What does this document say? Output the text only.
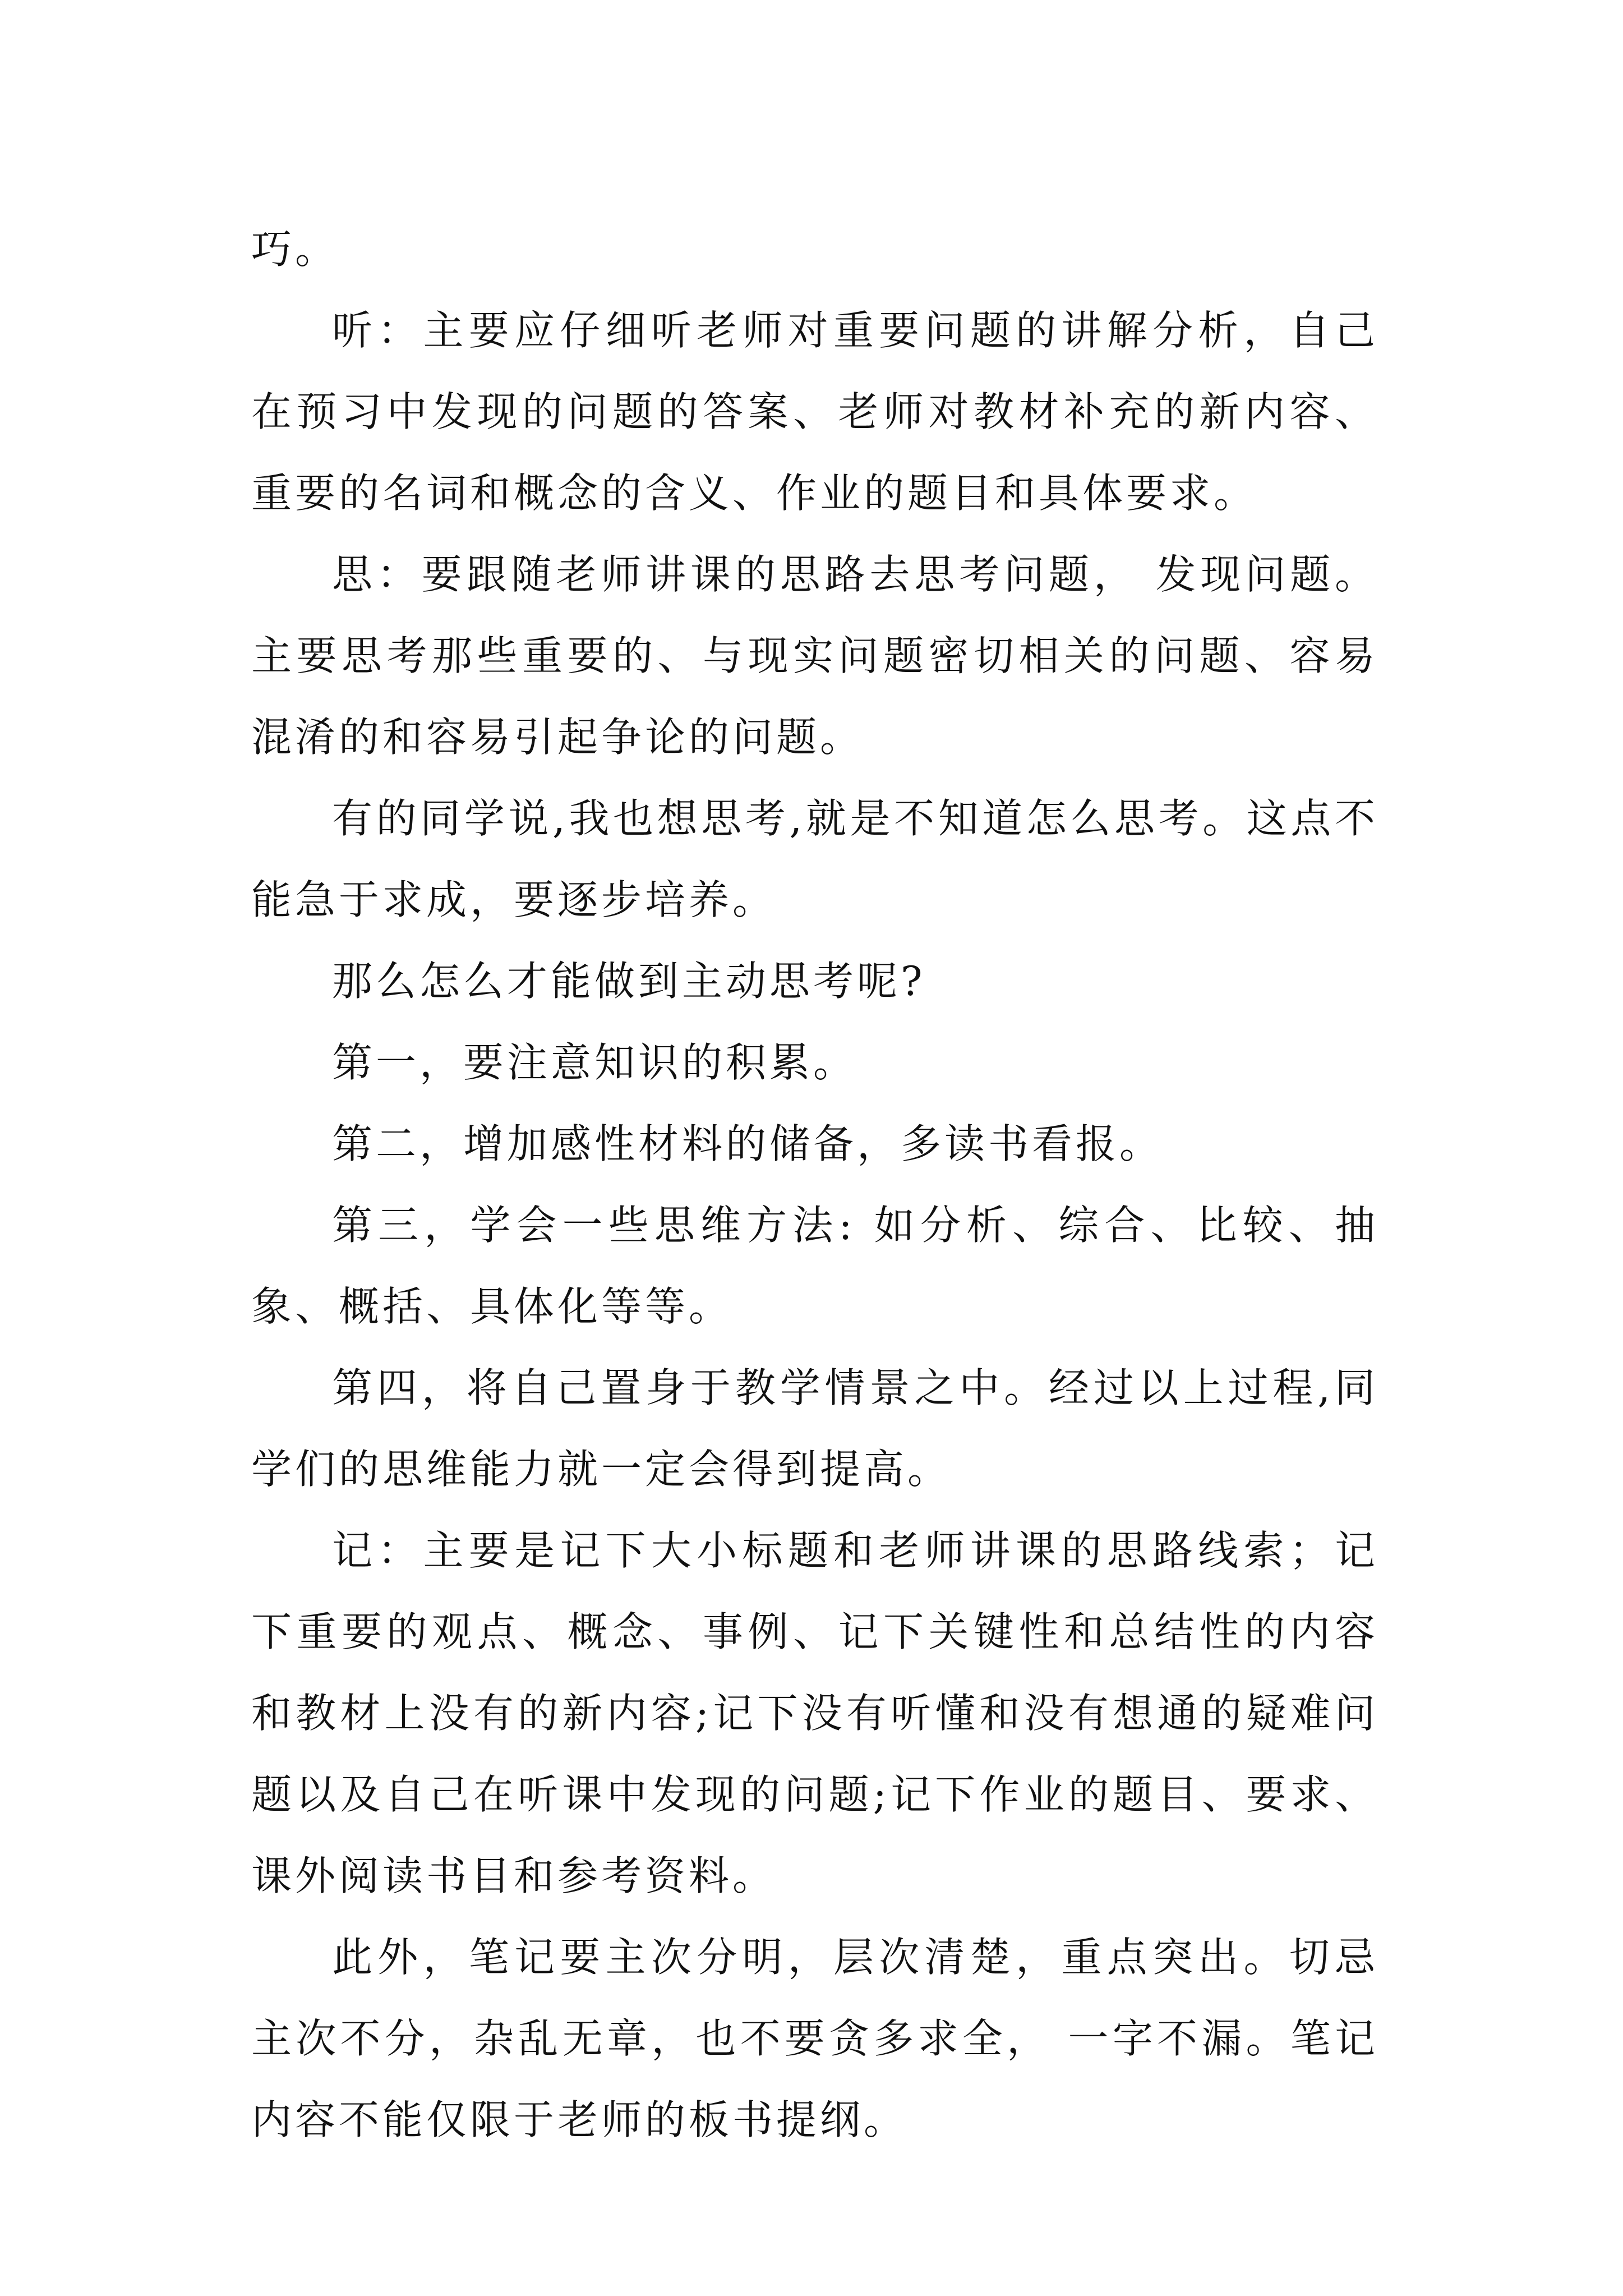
巧。

听：主要应仔细听老师对重要问题的讲解分析，自己在预习中发现的问题的答案、老师对教材补充的新内容、重要的名词和概念的含义、作业的题目和具体要求。

思：要跟随老师讲课的思路去思考问题， 发现问题。主要思考那些重要的、与现实问题密切相关的问题、容易混淆的和容易引起争论的问题。

有的同学说,我也想思考,就是不知道怎么思考。这点不能急于求成，要逐步培养。

那么怎么才能做到主动思考呢?

第一，要注意知识的积累。

第二，增加感性材料的储备，多读书看报。

第三，学会一些思维方法: 如分析、综合、比较、抽象、概括、具体化等等。

第四，将自己置身于教学情景之中。经过以上过程,同学们的思维能力就一定会得到提高。

记：主要是记下大小标题和老师讲课的思路线索；记下重要的观点、概念、事例、记下关键性和总结性的内容和教材上没有的新内容;记下没有听懂和没有想通的疑难问题以及自己在听课中发现的问题;记下作业的题目、要求、课外阅读书目和参考资料。

此外，笔记要主次分明，层次清楚，重点突出。切忌主次不分，杂乱无章，也不要贪多求全， 一字不漏。笔记内容不能仅限于老师的板书提纲。
